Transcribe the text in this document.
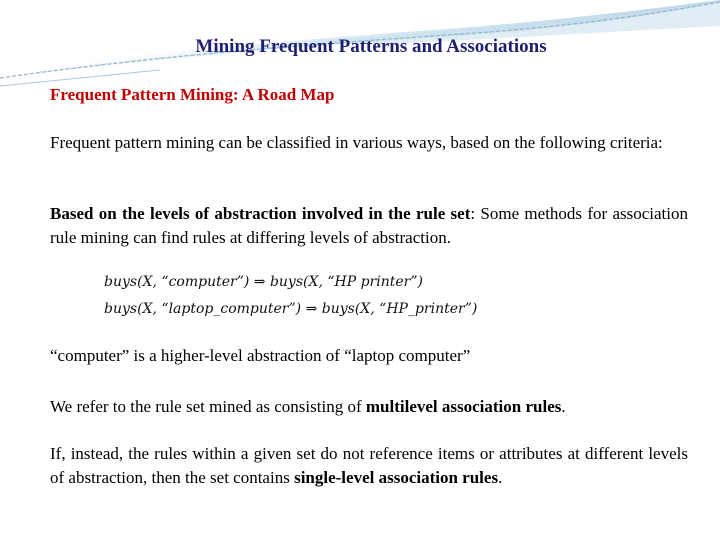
Mining Frequent Patterns and Associations
Frequent Pattern Mining: A Road Map
Frequent pattern mining can be classified in various ways, based on the following criteria:
Based on the levels of abstraction involved in the rule set: Some methods for association rule mining can find rules at differing levels of abstraction.
buys(X, “computer”) ⇒ buys(X, “HP printer”)
buys(X, “laptop_computer”) ⇒ buys(X, “HP_printer”)
“computer” is a higher-level abstraction of “laptop computer”
We refer to the rule set mined as consisting of multilevel association rules.
If, instead, the rules within a given set do not reference items or attributes at different levels of abstraction, then the set contains single-level association rules.
